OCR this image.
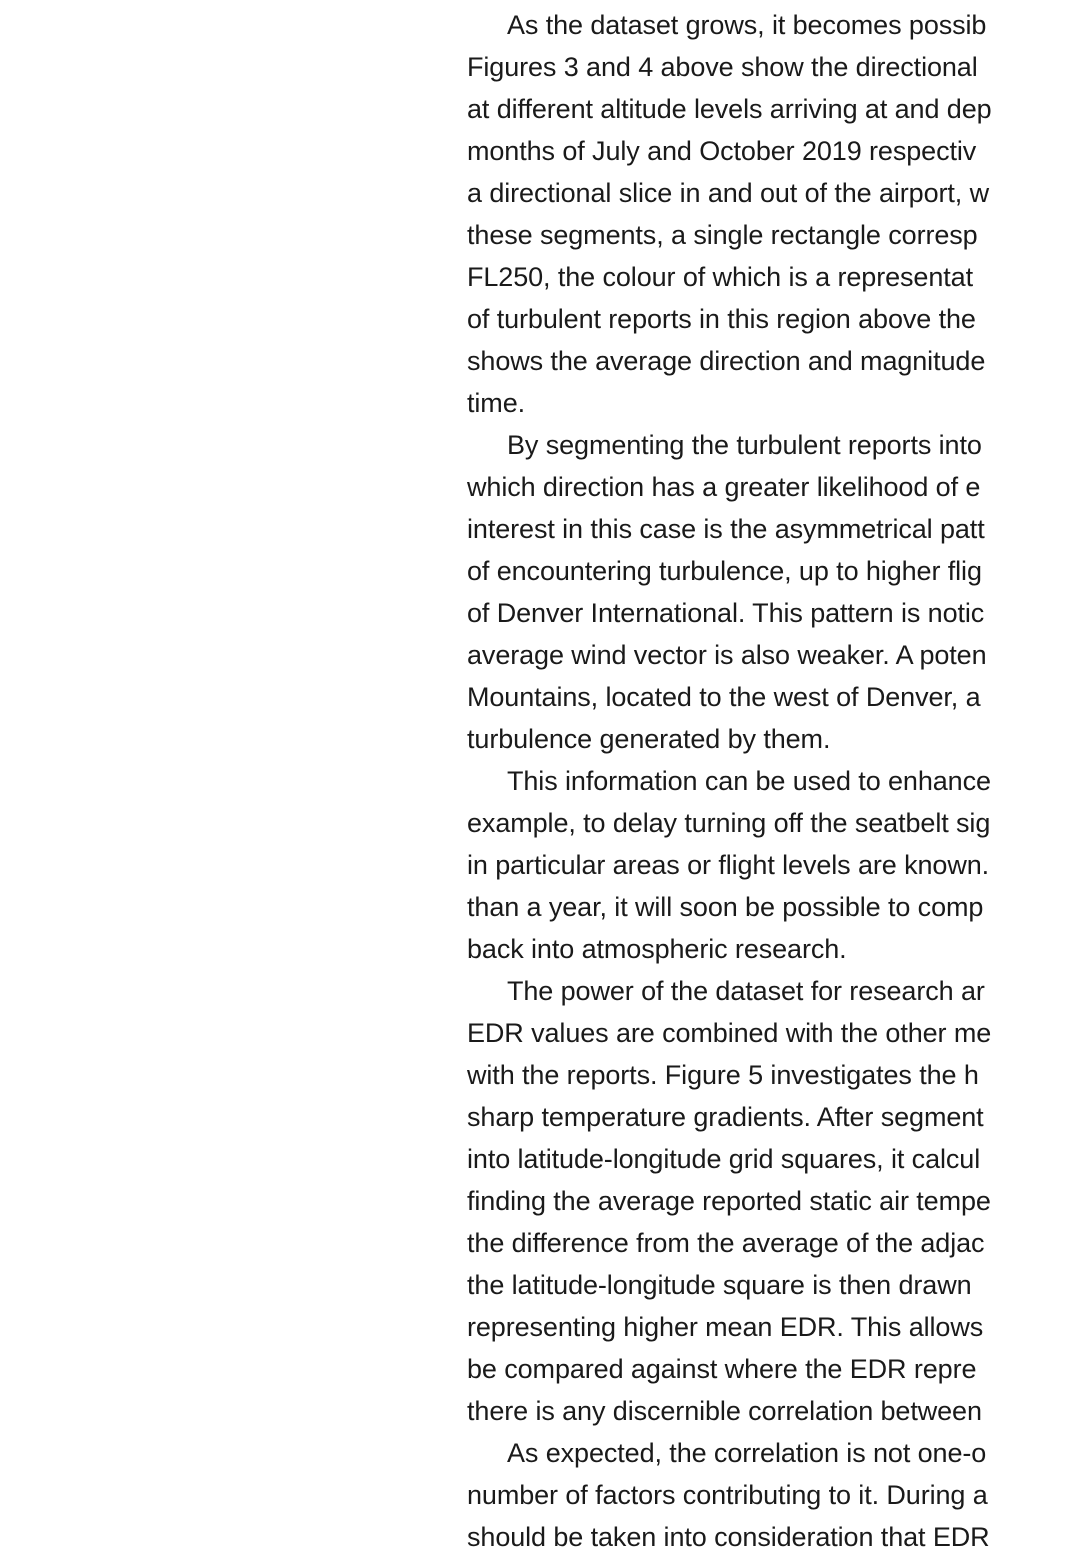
As the dataset grows, it becomes possib
Figures 3 and 4 above show the directional
at different altitude levels arriving at and dep
months of July and October 2019 respectiv
a directional slice in and out of the airport, w
these segments, a single rectangle corresp
FL250, the colour of which is a representat
of turbulent reports in this region above the
shows the average direction and magnitude
time.
By segmenting the turbulent reports into
which direction has a greater likelihood of e
interest in this case is the asymmetrical patt
of encountering turbulence, up to higher flig
of Denver International. This pattern is notic
average wind vector is also weaker. A poten
Mountains, located to the west of Denver, a
turbulence generated by them.
This information can be used to enhance
example, to delay turning off the seatbelt sig
in particular areas or flight levels are known.
than a year, it will soon be possible to comp
back into atmospheric research.
The power of the dataset for research ar
EDR values are combined with the other me
with the reports. Figure 5 investigates the h
sharp temperature gradients. After segment
into latitude-longitude grid squares, it calcul
finding the average reported static air tempe
the difference from the average of the adjac
the latitude-longitude square is then drawn
representing higher mean EDR. This allows
be compared against where the EDR repre
there is any discernible correlation between
As expected, the correlation is not one-o
number of factors contributing to it. During a
should be taken into consideration that EDR
